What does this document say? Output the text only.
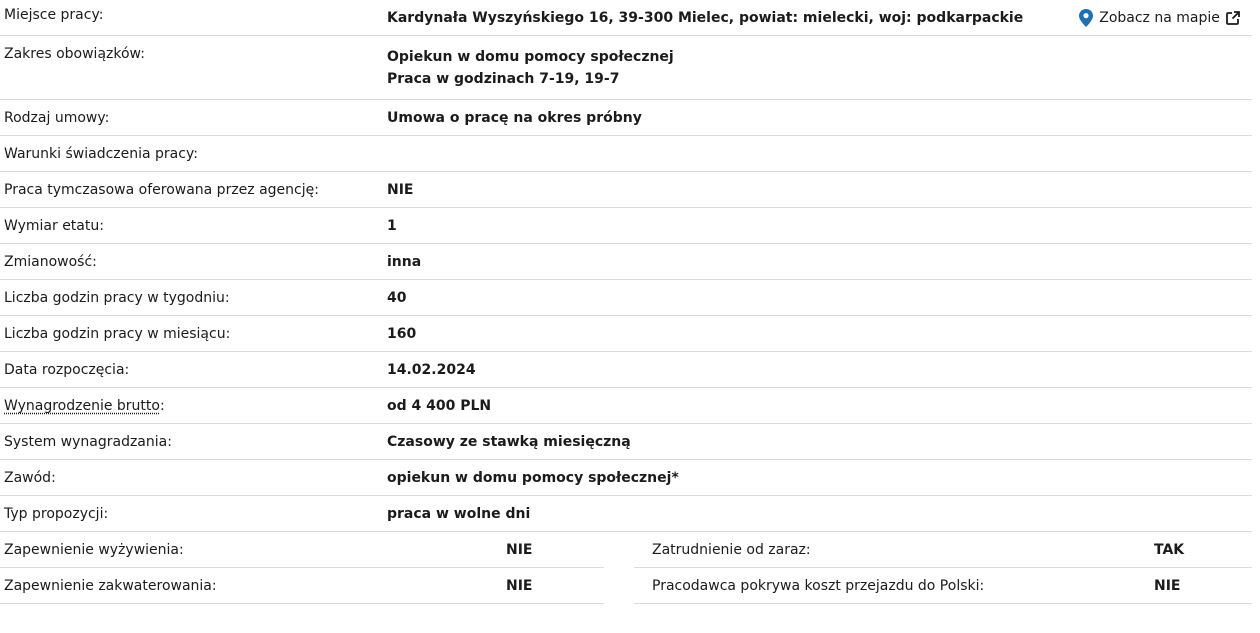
Miejsce pracy:	Kardynała Wyszyńskiego 16, 39-300 Mielec, powiat: mielecki, woj: podkarpackie	Zobacz na mapie
Zakres obowiązków:	Opiekun w domu pomocy społecznej
Praca w godzinach 7-19, 19-7
Rodzaj umowy:	Umowa o pracę na okres próbny
Warunki świadczenia pracy:
Praca tymczasowa oferowana przez agencję:	NIE
Wymiar etatu:	1
Zmianowość:	inna
Liczba godzin pracy w tygodniu:	40
Liczba godzin pracy w miesiącu:	160
Data rozpoczęcia:	14.02.2024
Wynagrodzenie brutto:	od 4 400 PLN
System wynagradzania:	Czasowy ze stawką miesięczną
Zawód:	opiekun w domu pomocy społecznej*
Typ propozycji:	praca w wolne dni
Zapewnienie wyżywienia:	NIE
Zapewnienie zakwaterowania:	NIE
Zatrudnienie od zaraz:	TAK
Pracodawca pokrywa koszt przejazdu do Polski:	NIE
